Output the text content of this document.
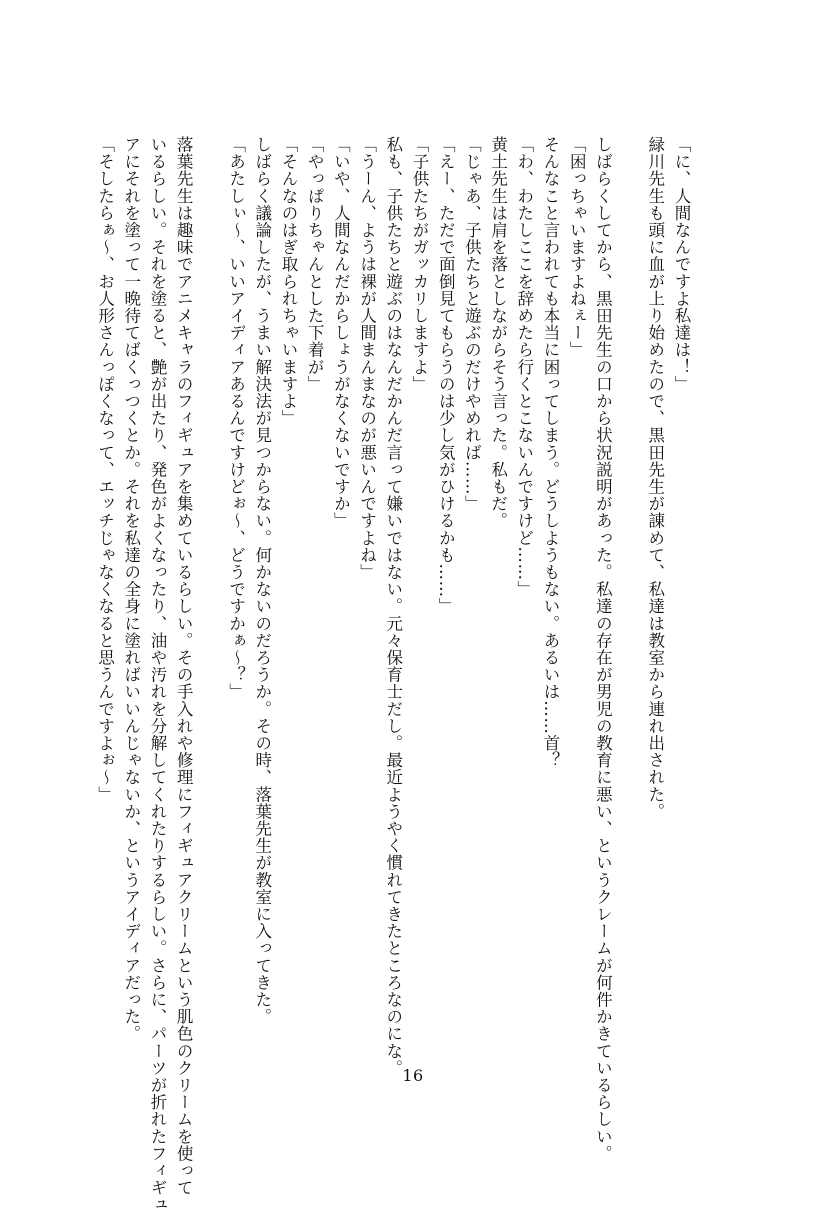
「に、人間なんですよ私達は！」

緑川先生も頭に血が上り始めたので、黒田先生が諌めて、私達は教室から連れ出された。

しばらくしてから、黒田先生の口から状況説明があった。私達の存在が男児の教育に悪い、というクレームが何件かきているらしい。

「困っちゃいますよねぇー」

そんなこと言われても本当に困ってしまう。どうしようもない。あるいは……首？

「わ、わたしここを辞めたら行くとこないんですけど……」

黄土先生は肩を落としながらそう言った。私もだ。

「じゃあ、子供たちと遊ぶのだけやめれば……」

「えー、ただで面倒見てもらうのは少し気がひけるかも……」

「子供たちがガッカリしますよ」

私も、子供たちと遊ぶのはなんだかんだ言って嫌いではない。元々保育士だし。最近ようやく慣れてきたところなのにな。

「うーん、ようは裸が人間まんまなのが悪いんですよね」

「いや、人間なんだからしょうがなくないですか」

「やっぱりちゃんとした下着が」

「そんなのはぎ取られちゃいますよ」

しばらく議論したが、うまい解決法が見つからない。何かないのだろうか。その時、落葉先生が教室に入ってきた。

「あたしぃ～、いいアイディアあるんですけどぉ～、どうですかぁ～？」

落葉先生は趣味でアニメキャラのフィギュアを集めているらしい。その手入れや修理にフィギュアクリームという肌色のクリームを使って

いるらしい。それを塗ると、艶が出たり、発色がよくなったり、油や汚れを分解してくれたりするらしい。さらに、パーツが折れたフィギュ

アにそれを塗って一晩待てばくっつくとか。それを私達の全身に塗ればいいんじゃないか、というアイディアだった。

「そしたらぁ～、お人形さんっぽくなって、エッチじゃなくなると思うんですよぉ～」

16
